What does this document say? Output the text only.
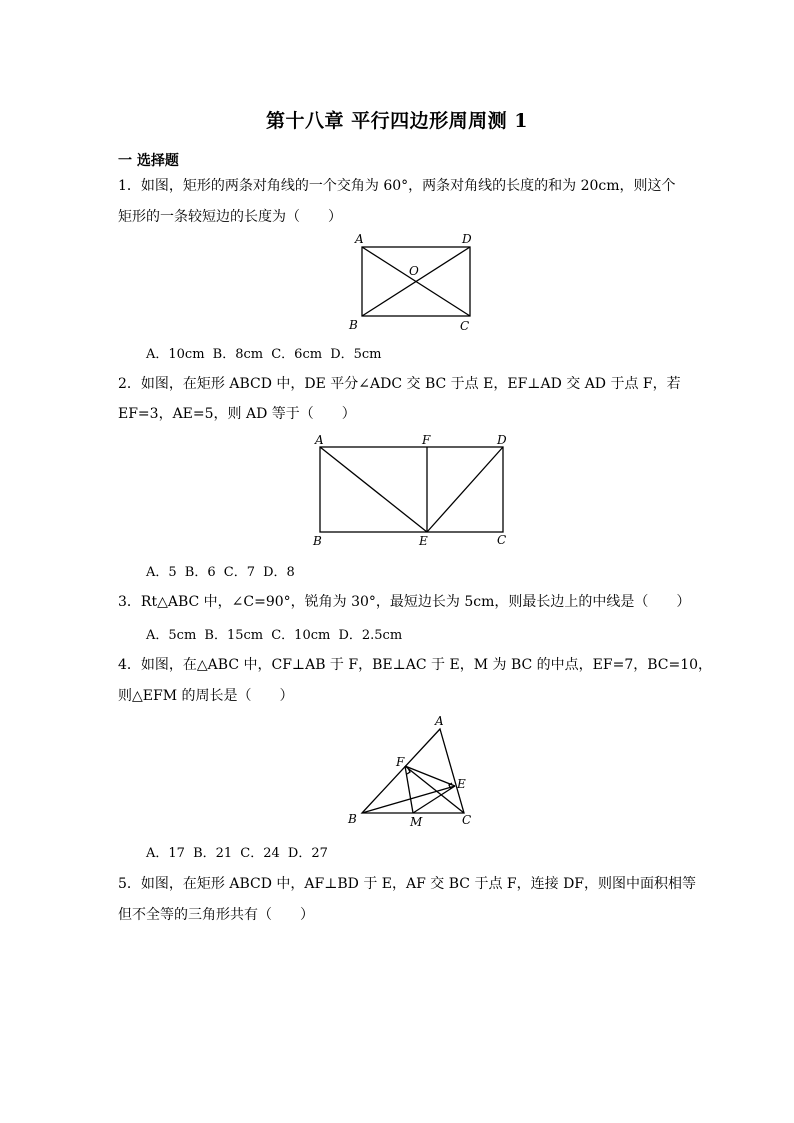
第十八章 平行四边形周周测 1
一 选择题
1．如图，矩形的两条对角线的一个交角为 60°，两条对角线的长度的和为 20cm，则这个
矩形的一条较短边的长度为（　　）
A	D
O
B	C
A．10cm B．8cm C．6cm D．5cm
2．如图，在矩形 ABCD 中，DE 平分∠ADC 交 BC 于点 E，EF⊥AD 交 AD 于点 F，若
EF=3，AE=5，则 AD 等于（　　）
A	F	D
B	E	C
A．5 B．6 C．7 D．8
3．Rt△ABC 中，∠C=90°，锐角为 30°，最短边长为 5cm，则最长边上的中线是（　　）
A．5cm B．15cm C．10cm D．2.5cm
4．如图，在△ABC 中，CF⊥AB 于 F，BE⊥AC 于 E，M 为 BC 的中点，EF=7，BC=10，
则△EFM 的周长是（　　）
A
F
E
B	M	C
A．17 B．21 C．24 D．27
5．如图，在矩形 ABCD 中，AF⊥BD 于 E，AF 交 BC 于点 F，连接 DF，则图中面积相等
但不全等的三角形共有（　　）
